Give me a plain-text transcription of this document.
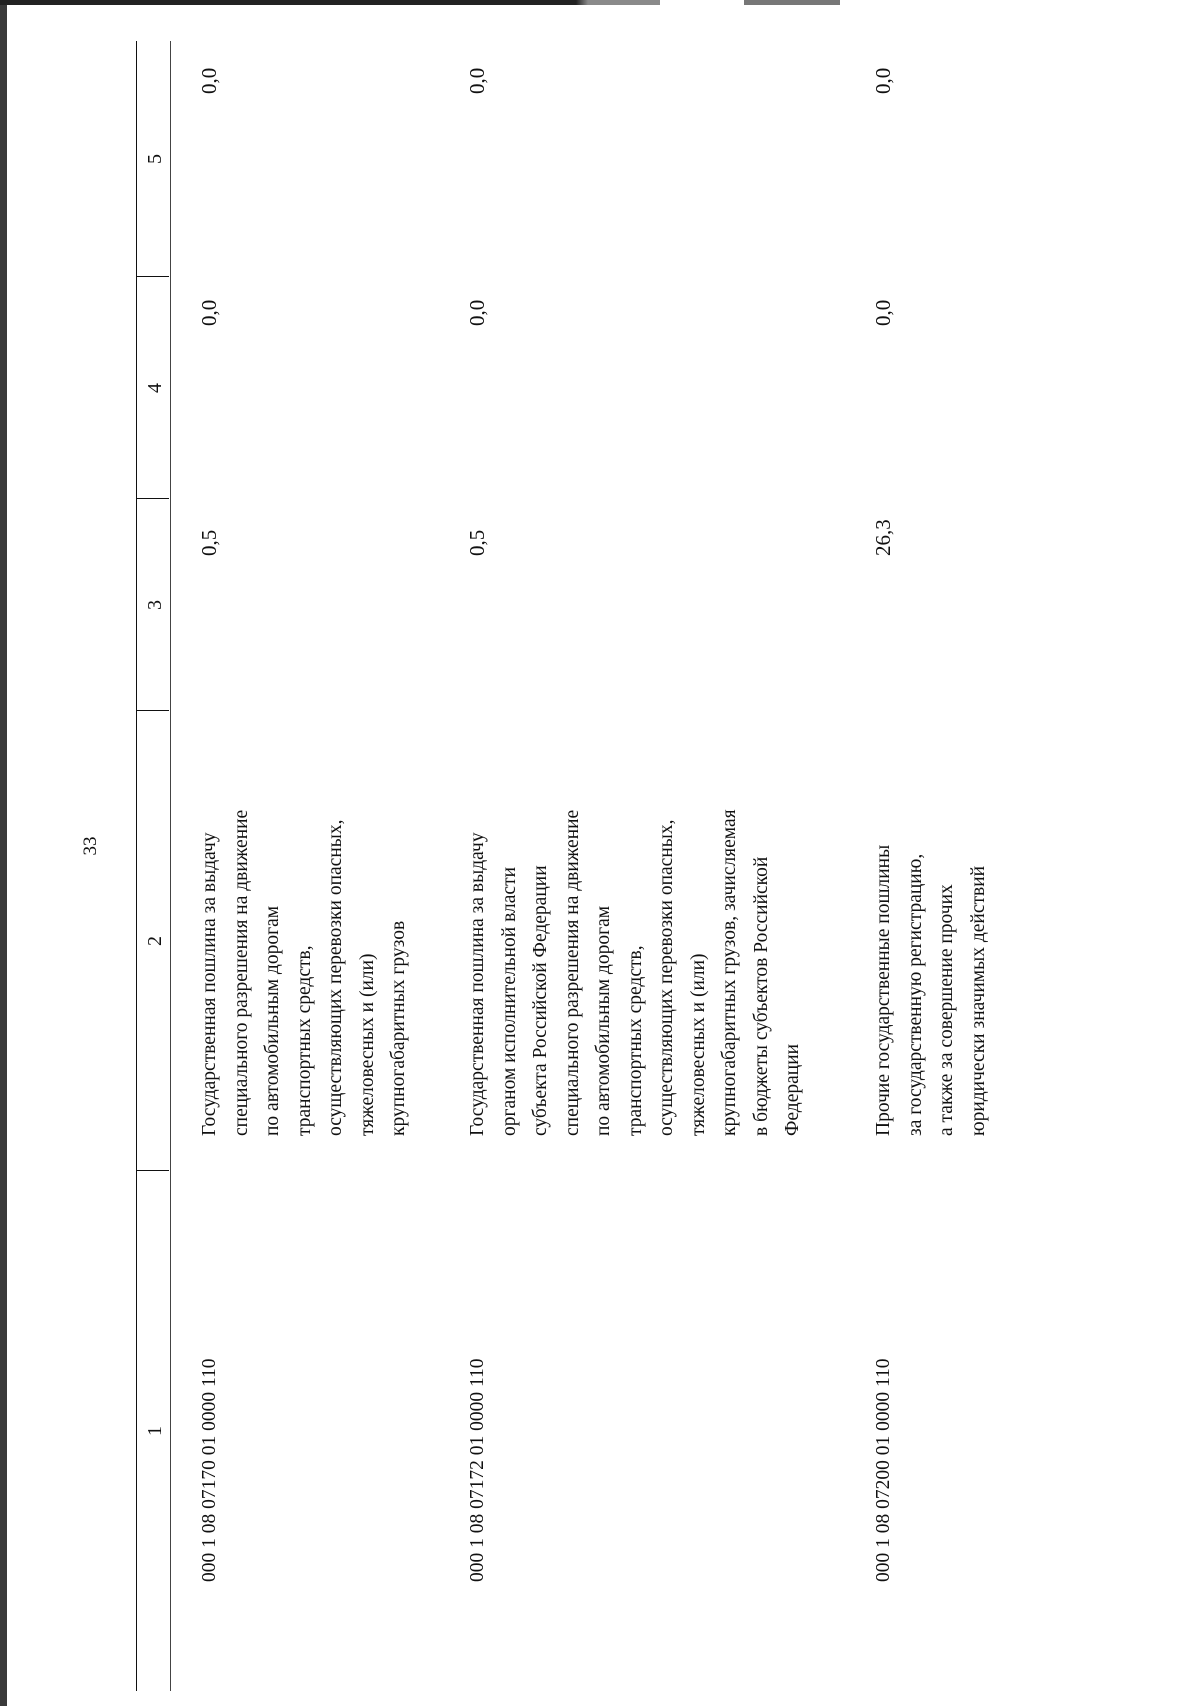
33
1
2
3
4
5
000 1 08 07170 01 0000 110
Государственная пошлина за выдачу специального разрешения на движение по автомобильным дорогам транспортных средств, осуществляющих перевозки опасных, тяжеловесных и (или) крупногабаритных грузов
0,5
0,0
0,0
000 1 08 07172 01 0000 110
Государственная пошлина за выдачу органом исполнительной власти субъекта Российской Федерации специального разрешения на движение по автомобильным дорогам транспортных средств, осуществляющих перевозки опасных, тяжеловесных и (или) крупногабаритных грузов, зачисляемая в бюджеты субъектов Российской Федерации
0,5
0,0
0,0
000 1 08 07200 01 0000 110
Прочие государственные пошлины за государственную регистрацию, а также за совершение прочих юридически значимых действий
26,3
0,0
0,0
